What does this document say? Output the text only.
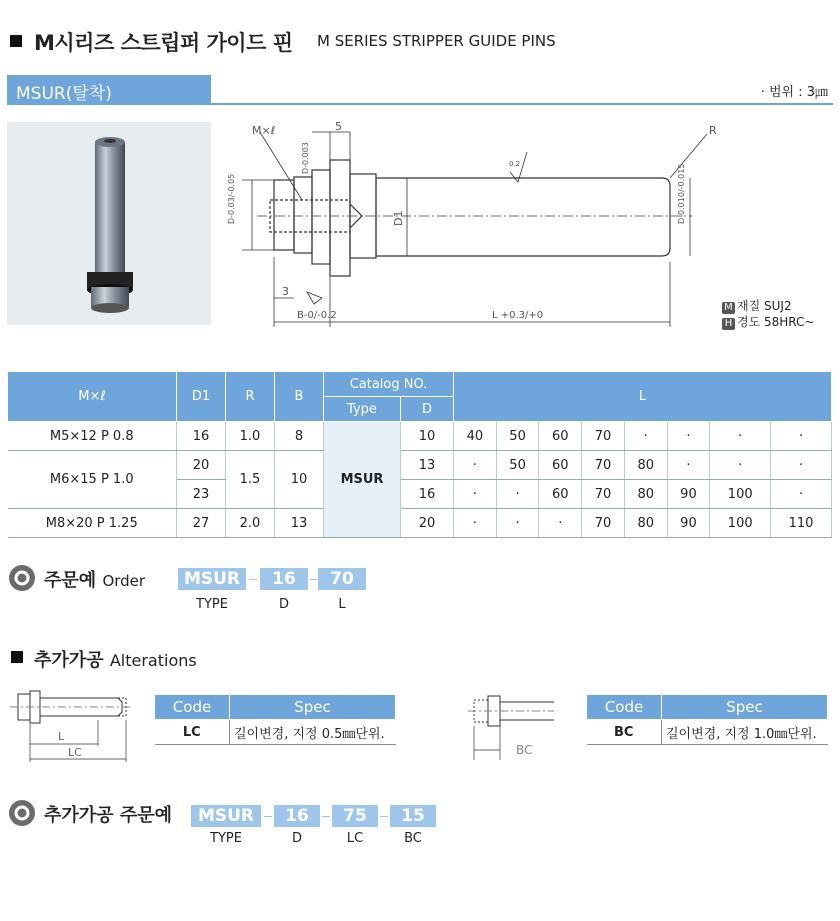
M시리즈 스트립퍼 가이드 핀 M SERIES STRIPPER GUIDE PINS
MSUR(탈착)	· 범위 : 3㎛
M×ℓ	5	R
D-0.03/-0.05
D-0.003
D1	D-0.010/-0.015
3
B-0/-0.2	L +0.3/+0
0.2
M 재질 SUJ2
H 경도 58HRC~
M×ℓ	D1	R	B	Catalog NO.		L							
				Type	D								
M5×12 P 0.8	16	1.0	8	MSUR	10	40	50	60	70	·	·	·	·
M6×15 P 1.0	20	1.5	10		13	·	50	60	70	80	·	·	·
	23				16	·	·	60	70	80	90	100	·
M8×20 P 1.25	27	2.0	13		20	·	·	·	70	80	90	100	110
주문예 Order	MSUR	16	70
TYPE	D	L
추가가공 Alterations
L
LC
Code	Spec
LC	길이변경, 지정 0.5㎜단위.
BC
Code	Spec
BC	길이변경, 지정 1.0㎜단위.
추가가공 주문예	MSUR	16	75	15
TYPE	D	LC	BC
